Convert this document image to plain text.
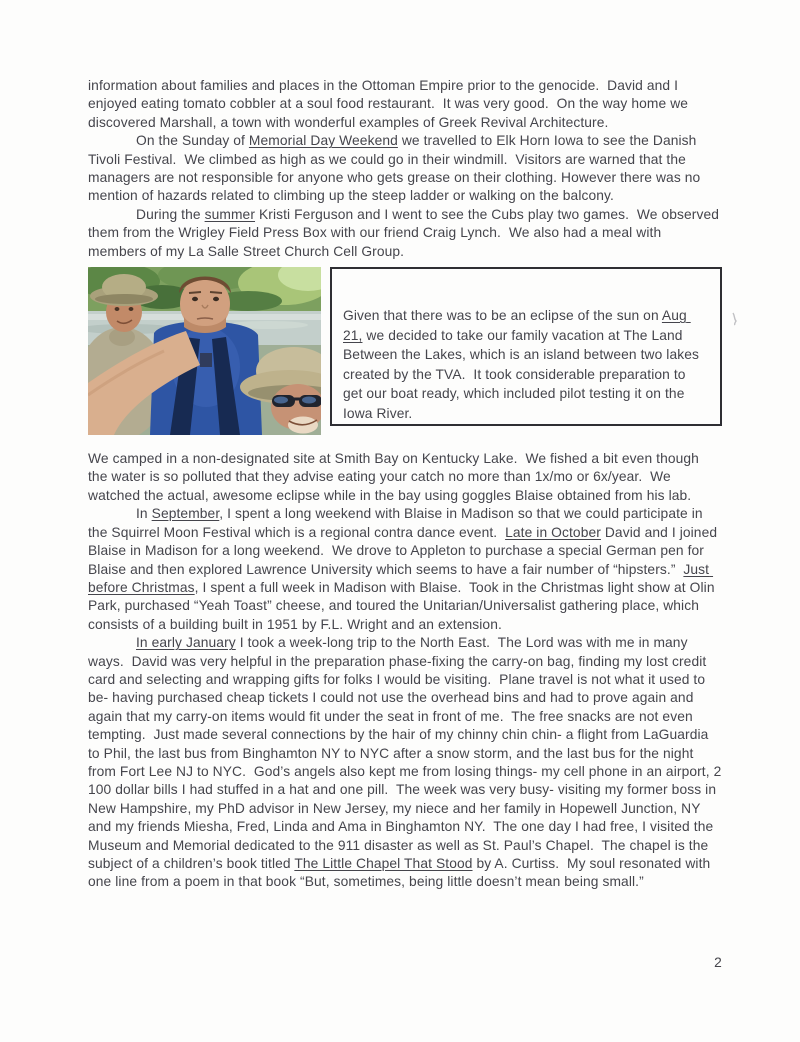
information about families and places in the Ottoman Empire prior to the genocide.  David and I enjoyed eating tomato cobbler at a soul food restaurant.  It was very good.  On the way home we discovered Marshall, a town with wonderful examples of Greek Revival Architecture.

On the Sunday of Memorial Day Weekend we travelled to Elk Horn Iowa to see the Danish Tivoli Festival.  We climbed as high as we could go in their windmill.  Visitors are warned that the managers are not responsible for anyone who gets grease on their clothing. However there was no mention of hazards related to climbing up the steep ladder or walking on the balcony.

During the summer Kristi Ferguson and I went to see the Cubs play two games.  We observed them from the Wrigley Field Press Box with our friend Craig Lynch.  We also had a meal with members of my La Salle Street Church Cell Group.

Given that there was to be an eclipse of the sun on Aug 21, we decided to take our family vacation at The Land Between the Lakes, which is an island between two lakes created by the TVA.  It took considerable preparation to get our boat ready, which included pilot testing it on the Iowa River.

We camped in a non-designated site at Smith Bay on Kentucky Lake.  We fished a bit even though the water is so polluted that they advise eating your catch no more than 1x/mo or 6x/year.  We watched the actual, awesome eclipse while in the bay using goggles Blaise obtained from his lab.

In September, I spent a long weekend with Blaise in Madison so that we could participate in the Squirrel Moon Festival which is a regional contra dance event.  Late in October David and I joined Blaise in Madison for a long weekend.  We drove to Appleton to purchase a special German pen for Blaise and then explored Lawrence University which seems to have a fair number of “hipsters.”  Just before Christmas, I spent a full week in Madison with Blaise.  Took in the Christmas light show at Olin Park, purchased “Yeah Toast” cheese, and toured the Unitarian/Universalist gathering place, which consists of a building built in 1951 by F.L. Wright and an extension.

In early January I took a week-long trip to the North East.  The Lord was with me in many ways.  David was very helpful in the preparation phase-fixing the carry-on bag, finding my lost credit card and selecting and wrapping gifts for folks I would be visiting.  Plane travel is not what it used to be- having purchased cheap tickets I could not use the overhead bins and had to prove again and again that my carry-on items would fit under the seat in front of me.  The free snacks are not even tempting.  Just made several connections by the hair of my chinny chin chin- a flight from LaGuardia to Phil, the last bus from Binghamton NY to NYC after a snow storm, and the last bus for the night from Fort Lee NJ to NYC.  God’s angels also kept me from losing things- my cell phone in an airport, 2 100 dollar bills I had stuffed in a hat and one pill.  The week was very busy- visiting my former boss in New Hampshire, my PhD advisor in New Jersey, my niece and her family in Hopewell Junction, NY and my friends Miesha, Fred, Linda and Ama in Binghamton NY.  The one day I had free, I visited the Museum and Memorial dedicated to the 911 disaster as well as St. Paul’s Chapel.  The chapel is the subject of a children’s book titled The Little Chapel That Stood by A. Curtiss.  My soul resonated with one line from a poem in that book “But, sometimes, being little doesn’t mean being small.”

2
